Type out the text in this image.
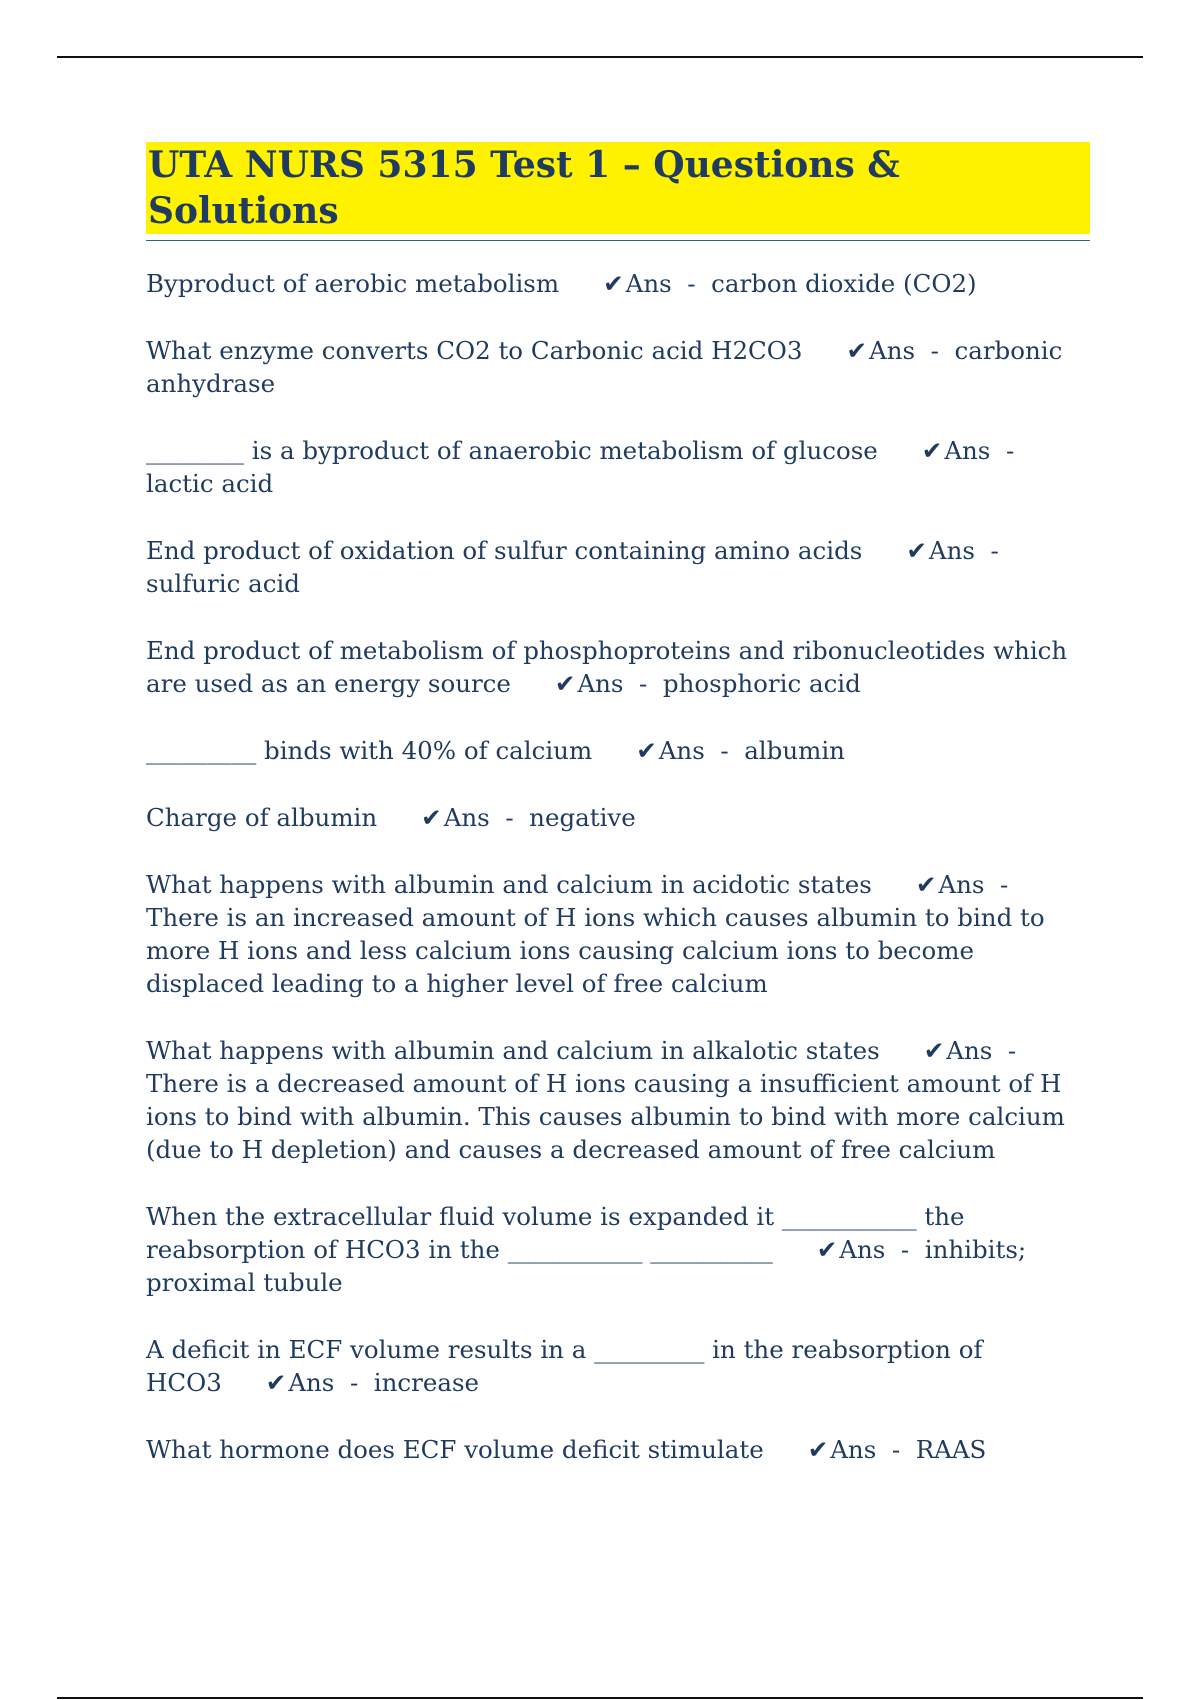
UTA NURS 5315 Test 1 – Questions & Solutions

Byproduct of aerobic metabolism ✔Ans  -  carbon dioxide (CO2)

What enzyme converts CO2 to Carbonic acid H2CO3 ✔Ans  -  carbonic anhydrase

________ is a byproduct of anaerobic metabolism of glucose ✔Ans  -  lactic acid

End product of oxidation of sulfur containing amino acids ✔Ans  -  sulfuric acid

End product of metabolism of phosphoproteins and ribonucleotides which are used as an energy source ✔Ans  -  phosphoric acid

_________ binds with 40% of calcium ✔Ans  -  albumin

Charge of albumin ✔Ans  -  negative

What happens with albumin and calcium in acidotic states ✔Ans  -  There is an increased amount of H ions which causes albumin to bind to more H ions and less calcium ions causing calcium ions to become displaced leading to a higher level of free calcium

What happens with albumin and calcium in alkalotic states ✔Ans  -  There is a decreased amount of H ions causing a insufficient amount of H ions to bind with albumin. This causes albumin to bind with more calcium (due to H depletion) and causes a decreased amount of free calcium

When the extracellular fluid volume is expanded it ___________ the reabsorption of HCO3 in the ___________ __________ ✔Ans  -  inhibits; proximal tubule

A deficit in ECF volume results in a _________ in the reabsorption of HCO3 ✔Ans  -  increase

What hormone does ECF volume deficit stimulate ✔Ans  -  RAAS
